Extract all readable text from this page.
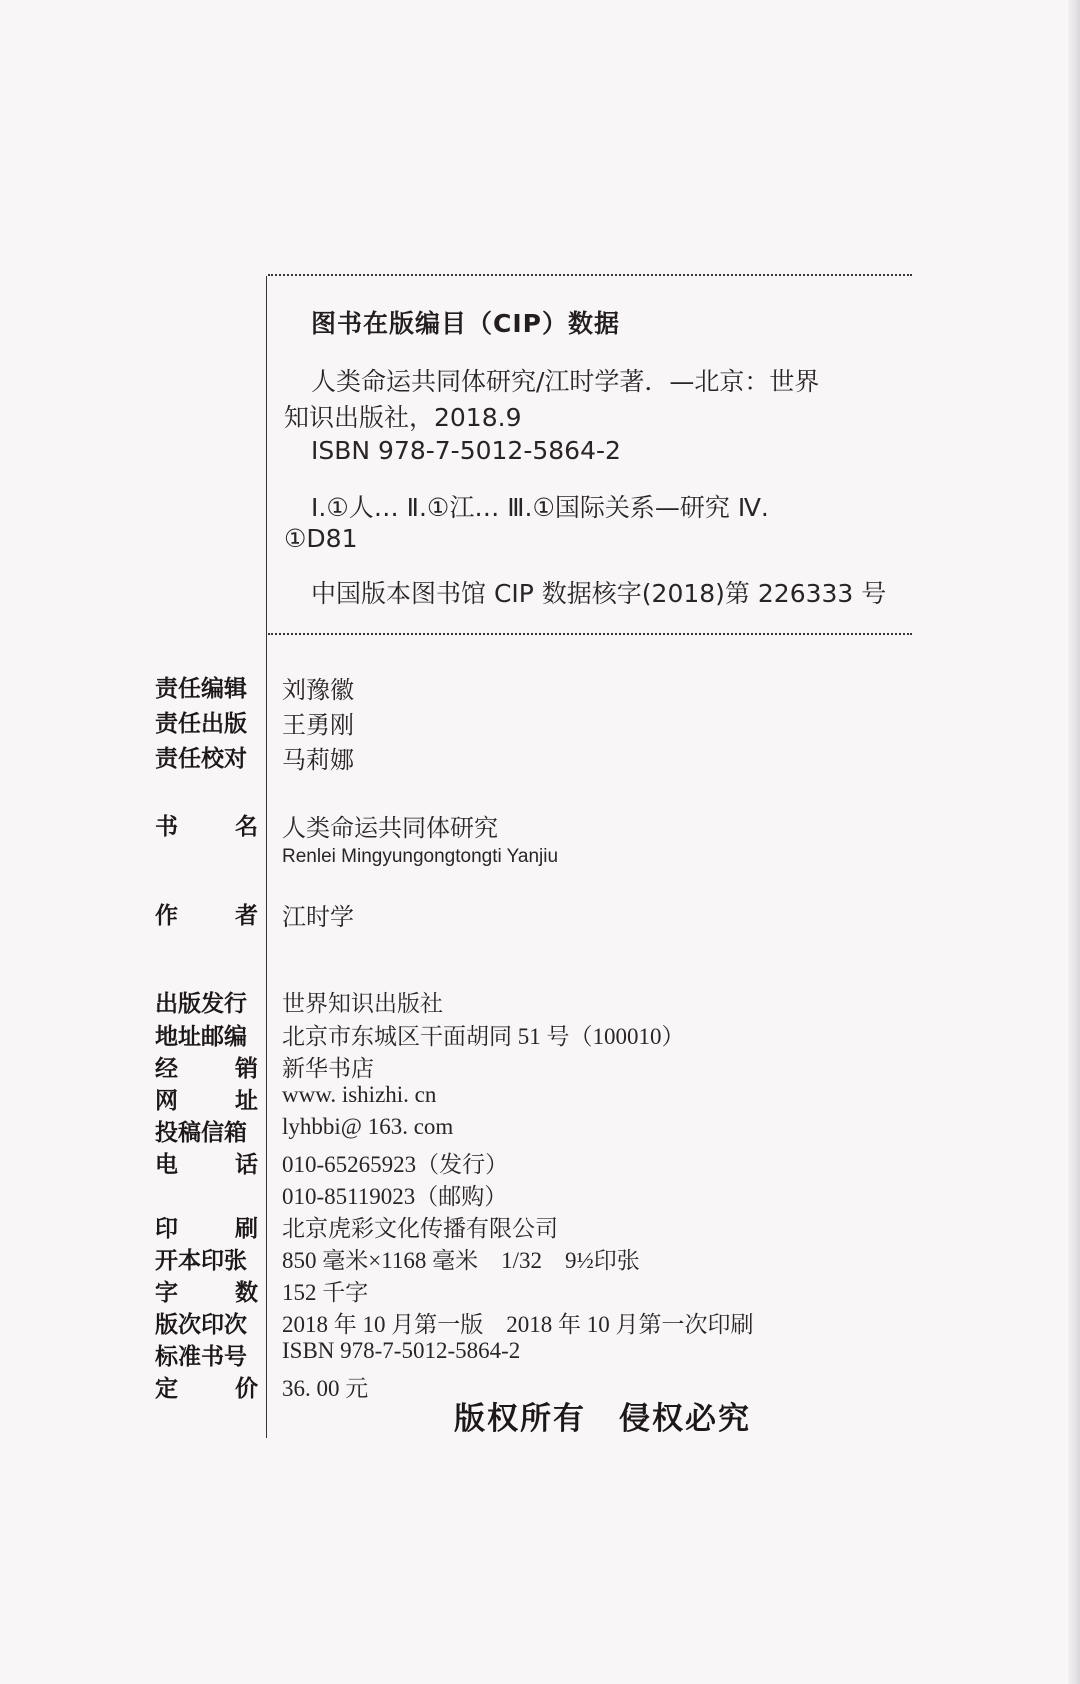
图书在版编目（CIP）数据
人类命运共同体研究/江时学著．—北京：世界
知识出版社，2018.9
ISBN 978-7-5012-5864-2
Ⅰ.①人… Ⅱ.①江… Ⅲ.①国际关系—研究 Ⅳ.
①D81
中国版本图书馆 CIP 数据核字(2018)第 226333 号
责任编辑 刘豫徽
责任出版 王勇刚
责任校对 马莉娜
书 名 人类命运共同体研究
Renlei Mingyungongtongti Yanjiu
作 者 江时学
出版发行 世界知识出版社
地址邮编 北京市东城区干面胡同 51 号（100010）
经 销 新华书店
网 址 www. ishizhi. cn
投稿信箱 lyhbbi@ 163. com
电 话 010-65265923（发行）
010-85119023（邮购）
印 刷 北京虎彩文化传播有限公司
开本印张 850 毫米×1168 毫米　1/32　9½印张
字 数 152 千字
版次印次 2018 年 10 月第一版　2018 年 10 月第一次印刷
标准书号 ISBN 978-7-5012-5864-2
定 价 36. 00 元
版权所有　侵权必究
